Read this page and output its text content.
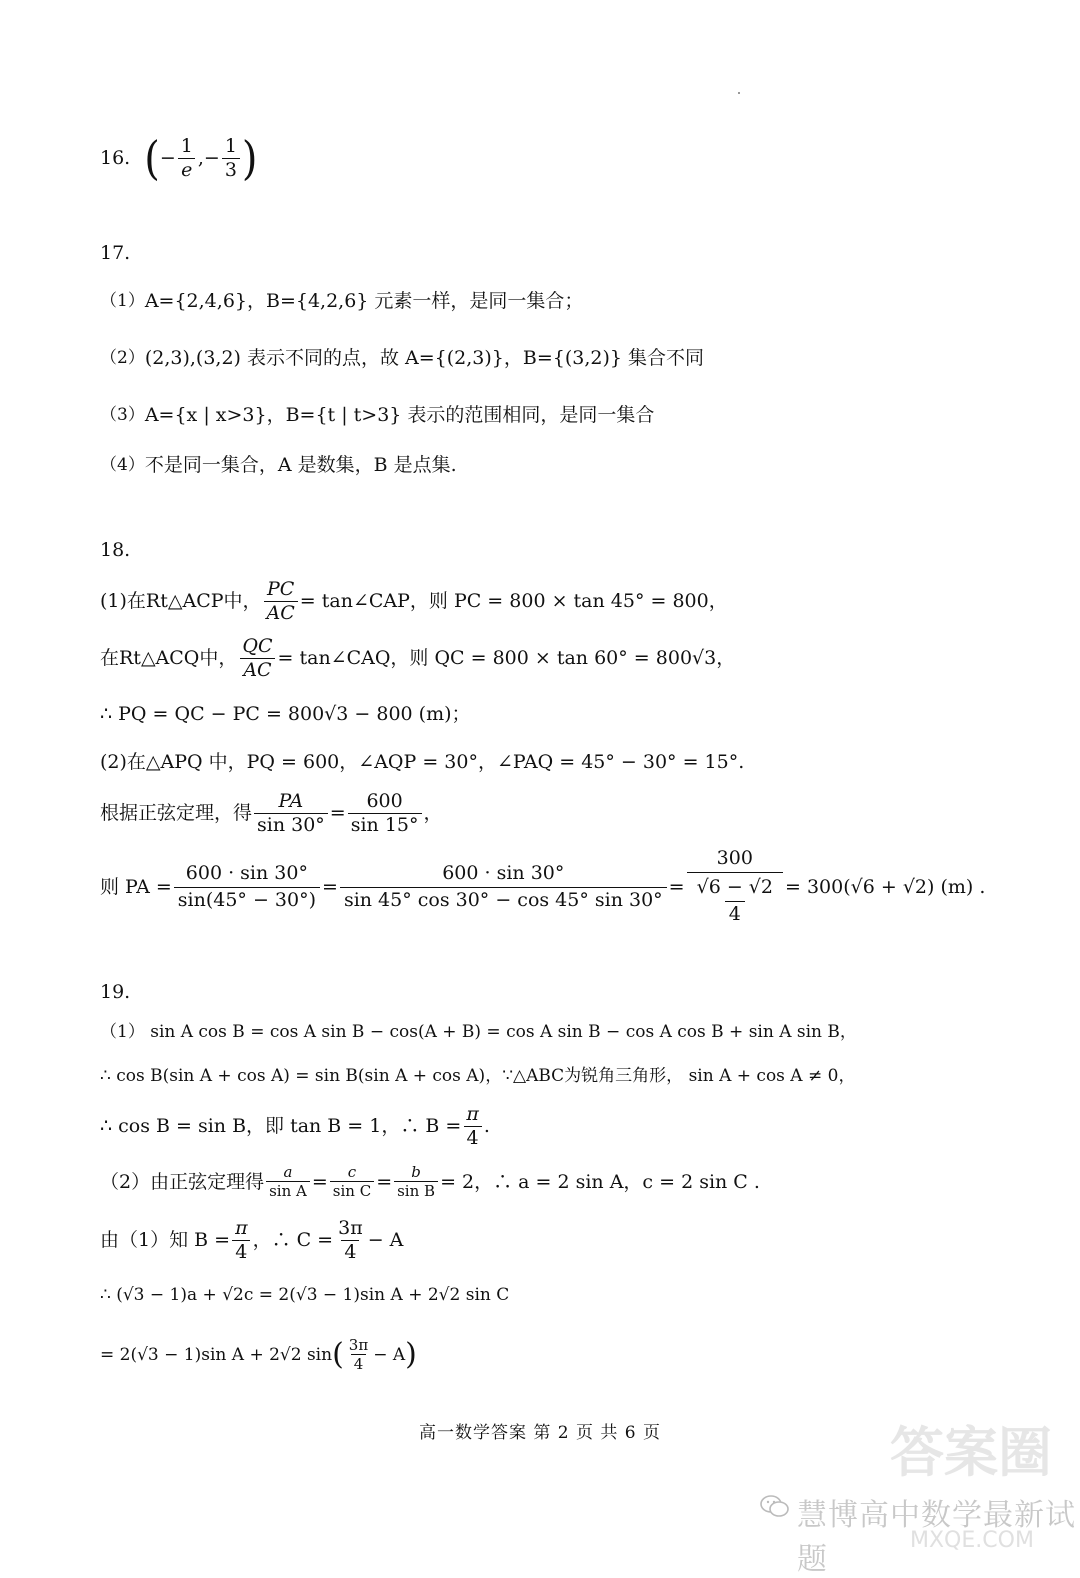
16. ( − $\frac{1}{e}$ ,− $\frac{1}{3}$ )
17.
（1） A={2,4,6}，B={4,2,6} 元素一样，是同一集合；
（2） (2,3),(3,2) 表示不同的点，故 A={(2,3)}，B={(3,2)} 集合不同
（3） A={x | x>3}，B={t | t>3} 表示的范围相同，是同一集合
（4） 不是同一集合，A 是数集，B 是点集.
18.
(1)在Rt△ACP中， $\frac{PC}{AC}$ = tan∠CAP，则 PC = 800 × tan 45° = 800，
在Rt△ACQ中， $\frac{QC}{AC}$ = tan∠CAQ，则 QC = 800 × tan 60° = 800√3，
∴ PQ = QC − PC = 800√3 − 800 (m)；
(2)在△APQ 中，PQ = 600，∠AQP = 30°，∠PAQ = 45° − 30° = 15°.
根据正弦定理，得 $\frac{PA}{\sin 30^\circ} = \frac{600}{\sin 15^\circ}$ ，
则 PA = $\frac{600 \cdot \sin 30^\circ}{\sin(45^\circ - 30^\circ)} = \frac{600 \cdot \sin 30^\circ}{\sin 45^\circ \cos 30^\circ - \cos 45^\circ \sin 30^\circ} = \frac{300}{\frac{√6 - √2}{4}} = 300(√6 + √2)$ (m) .
19.
（1） sin A cos B = cos A sin B − cos(A + B) = cos A sin B − cos A cos B + sin A sin B，
∴ cos B(sin A + cos A) = sin B(sin A + cos A)，∵△ABC为锐角三角形， sin A + cos A ≠ 0，
∴ cos B = sin B，即 tan B = 1，∴ $B = \frac{\pi}{4}$ .
（2）由正弦定理得 $\frac{a}{\text{sin A}} = \frac{c}{\text{sin C}} = \frac{b}{\text{sin B}} = 2$，∴ a = 2 sin A，c = 2 sin C .
由（1）知 $B = \frac{\pi}{4}$ ，∴ $C = \frac{3\pi}{4} - A$
∴ (√3 − 1)a + √2c = 2(√3 − 1)sin A + 2√2 sin C
= 2(√3 − 1)sin A + 2√2 sin ( $\frac{3\pi}{4} - A$ )
高一数学答案 第 2 页 共 6 页	答案圈
慧博高中数学最新试题
MXQE.COM
